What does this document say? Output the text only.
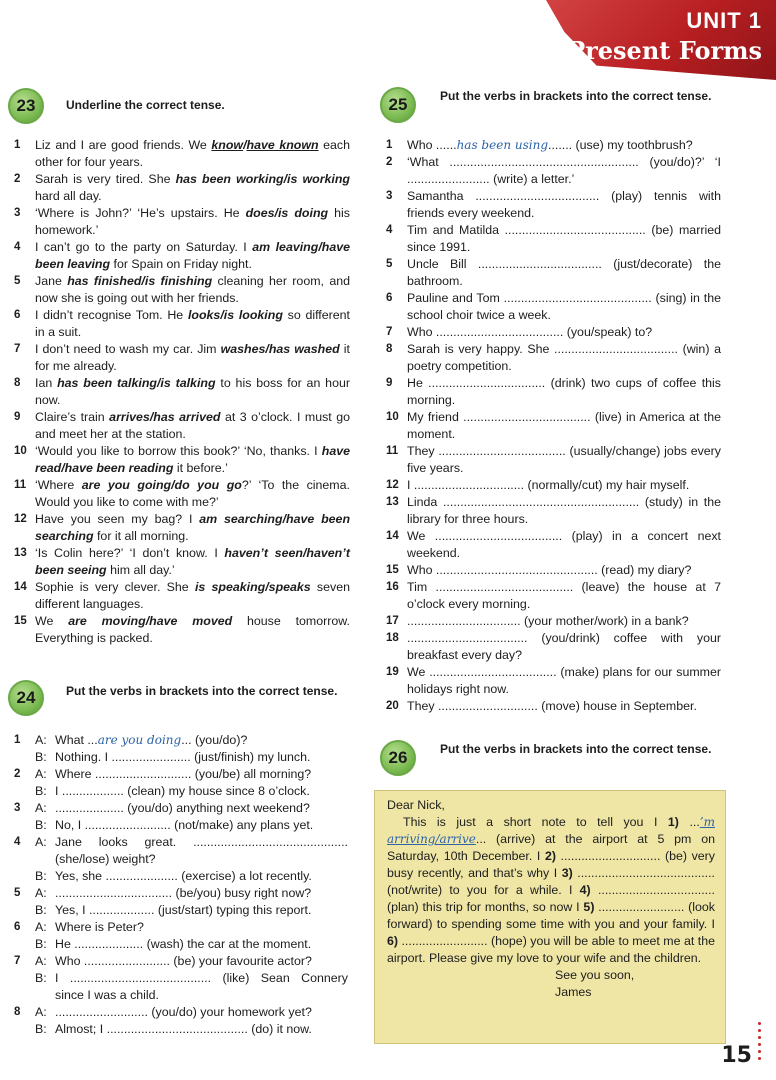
UNIT 1
Present Forms
23	Underline the correct tense.
1	Liz and I are good friends. We know/have known each other for four years.
2	Sarah is very tired. She has been working/is working hard all day.
3	‘Where is John?’ ‘He’s upstairs. He does/is doing his homework.’
4	I can’t go to the party on Saturday. I am leaving/have been leaving for Spain on Friday night.
5	Jane has finished/is finishing cleaning her room, and now she is going out with her friends.
6	I didn’t recognise Tom. He looks/is looking so different in a suit.
7	I don’t need to wash my car. Jim washes/has washed it for me already.
8	Ian has been talking/is talking to his boss for an hour now.
9	Claire’s train arrives/has arrived at 3 o’clock. I must go and meet her at the station.
10 ‘Would you like to borrow this book?’ ‘No, thanks. I have read/have been reading it before.’
11 ‘Where are you going/do you go?’ ‘To the cinema. Would you like to come with me?’
12 Have you seen my bag? I am searching/have been searching for it all morning.
13 ‘Is Colin here?’ ‘I don’t know. I haven’t seen/haven’t been seeing him all day.’
14 Sophie is very clever. She is speaking/speaks seven different languages.
15 We are moving/have moved house tomorrow. Everything is packed.
24	Put the verbs in brackets into the correct tense.
1	A: What ...are you doing... (you/do)?
B: Nothing. I ....................... (just/finish) my lunch.
2	A: Where ............................ (you/be) all morning?
B: I .................. (clean) my house since 8 o’clock.
3	A: .................... (you/do) anything next weekend?
B: No, I ......................... (not/make) any plans yet.
4	A: Jane looks great. ............................................. (she/lose) weight?
B: Yes, she ..................... (exercise) a lot recently.
5	A: .................................. (be/you) busy right now?
B: Yes, I ................... (just/start) typing this report.
6	A: Where is Peter?
B: He .................... (wash) the car at the moment.
7	A: Who ......................... (be) your favourite actor?
B: I ......................................... (like) Sean Connery since I was a child.
8	A: ........................... (you/do) your homework yet?
B: Almost; I ......................................... (do) it now.
25	Put the verbs in brackets into the correct tense.
1	Who ......has been using....... (use) my toothbrush?
2	‘What ....................................................... (you/do)?’ ‘I ........................ (write) a letter.’
3	Samantha .................................... (play) tennis with friends every weekend.
4	Tim and Matilda ......................................... (be) married since 1991.
5	Uncle Bill .................................... (just/decorate) the bathroom.
6	Pauline and Tom ........................................... (sing) in the school choir twice a week.
7	Who ..................................... (you/speak) to?
8	Sarah is very happy. She .................................... (win) a poetry competition.
9	He .................................. (drink) two cups of coffee this morning.
10 My friend ..................................... (live) in America at the moment.
11 They ..................................... (usually/change) jobs every five years.
12 I ................................ (normally/cut) my hair myself.
13 Linda ......................................................... (study) in the library for three hours.
14 We ..................................... (play) in a concert next weekend.
15 Who ............................................... (read) my diary?
16 Tim ........................................ (leave) the house at 7 o’clock every morning.
17 ................................. (your mother/work) in a bank?
18 ................................... (you/drink) coffee with your breakfast every day?
19 We ..................................... (make) plans for our summer holidays right now.
20 They ............................. (move) house in September.
26	Put the verbs in brackets into the correct tense.

Dear Nick,

This is just a short note to tell you I 1) ...’m arriving/arrive... (arrive) at the airport at 5 pm on Saturday, 10th December. I 2) ............................. (be) very busy recently, and that’s why I 3) ........................................ (not/write) to you for a while. I 4) .................................. (plan) this trip for months, so now I 5) ......................... (look forward) to spending some time with you and your family. I 6) ......................... (hope) you will be able to meet me at the airport. Please give my love to your wife and the children.

See you soon,

James

15
